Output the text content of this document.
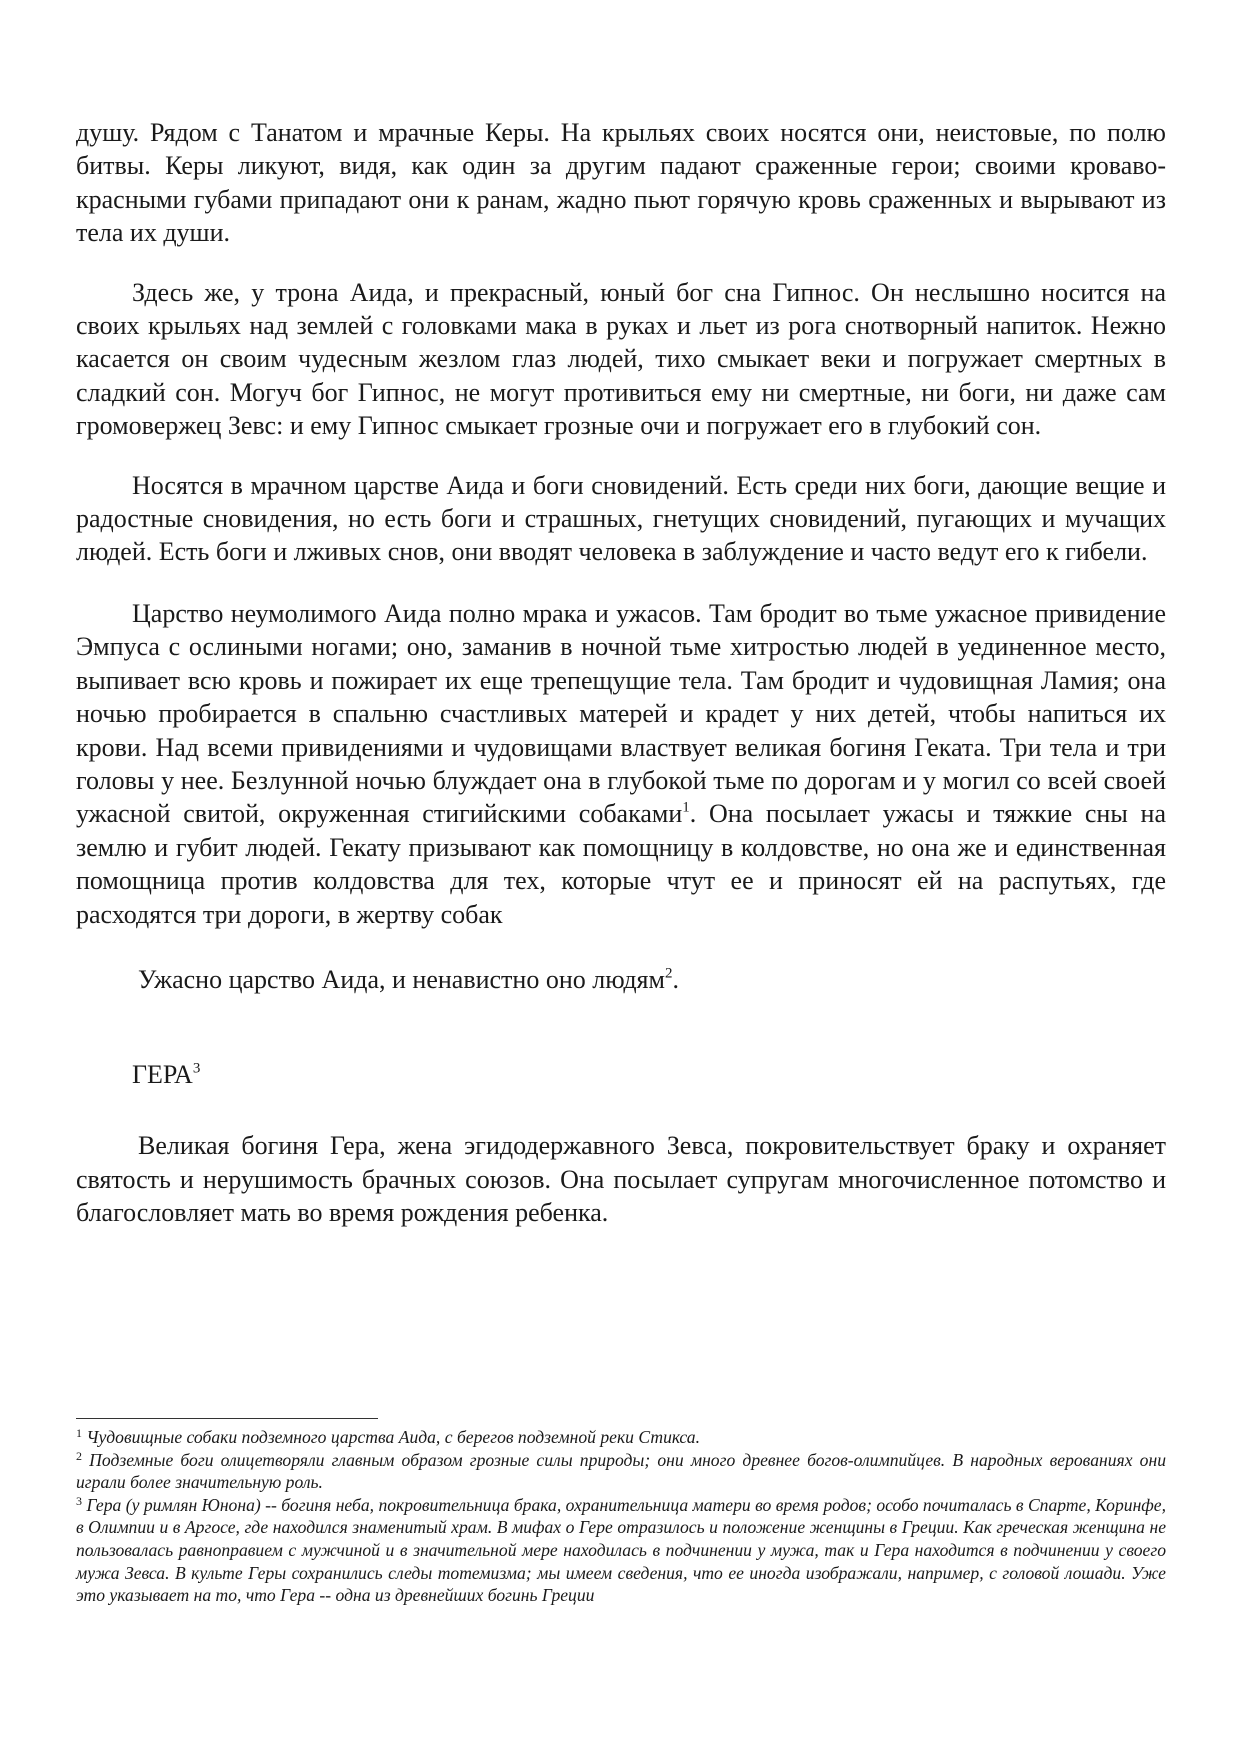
душу. Рядом с Танатом и мрачные Керы. На крыльях своих носятся они, неистовые, по полю битвы. Керы ликуют, видя, как один за другим падают сраженные герои; своими кроваво-красными губами припадают они к ранам, жадно пьют горячую кровь сраженных и вырывают из тела их души.

Здесь же, у трона Аида, и прекрасный, юный бог сна Гипнос. Он неслышно носится на своих крыльях над землей с головками мака в руках и льет из рога снотворный напиток. Нежно касается он своим чудесным жезлом глаз людей, тихо смыкает веки и погружает смертных в сладкий сон. Могуч бог Гипнос, не могут противиться ему ни смертные, ни боги, ни даже сам громовержец Зевс: и ему Гипнос смыкает грозные очи и погружает его в глубокий сон.

Носятся в мрачном царстве Аида и боги сновидений. Есть среди них боги, дающие вещие и радостные сновидения, но есть боги и страшных, гнетущих сновидений, пугающих и мучащих людей. Есть боги и лживых снов, они вводят человека в заблуждение и часто ведут его к гибели.

Царство неумолимого Аида полно мрака и ужасов. Там бродит во тьме ужасное привидение Эмпуса с ослиными ногами; оно, заманив в ночной тьме хитростью людей в уединенное место, выпивает всю кровь и пожирает их еще трепещущие тела. Там бродит и чудовищная Ламия; она ночью пробирается в спальню счастливых матерей и крадет у них детей, чтобы напиться их крови. Над всеми привидениями и чудовищами властвует великая богиня Геката. Три тела и три головы у нее. Безлунной ночью блуждает она в глубокой тьме по дорогам и у могил со всей своей ужасной свитой, окруженная стигийскими собаками$^1$. Она посылает ужасы и тяжкие сны на землю и губит людей. Гекату призывают как помощницу в колдовстве, но она же и единственная помощница против колдовства для тех, которые чтут ее и приносят ей на распутьях, где расходятся три дороги, в жертву собак

Ужасно царство Аида, и ненавистно оно людям$^2$.

ГЕРА$^3$

Великая богиня Гера, жена эгидодержавного Зевса, покровительствует браку и охраняет святость и нерушимость брачных союзов. Она посылает супругам многочисленное потомство и благословляет мать во время рождения ребенка.

$^1$ Чудовищные собаки подземного царства Аида, с берегов подземной реки Стикса.

$^2$ Подземные боги олицетворяли главным образом грозные силы природы; они много древнее богов-олимпийцев. В народных верованиях они играли более значительную роль.

$^3$ Гера (у римлян Юнона) -- богиня неба, покровительница брака, охранительница матери во время родов; особо почиталась в Спарте, Коринфе, в Олимпии и в Аргосе, где находился знаменитый храм. В мифах о Гере отразилось и положение женщины в Греции. Как греческая женщина не пользовалась равноправием с мужчиной и в значительной мере находилась в подчинении у мужа, так и Гера находится в подчинении у своего мужа Зевса. В культе Геры сохранились следы тотемизма; мы имеем сведения, что ее иногда изображали, например, с головой лошади. Уже это указывает на то, что Гера -- одна из древнейших богинь Греции
